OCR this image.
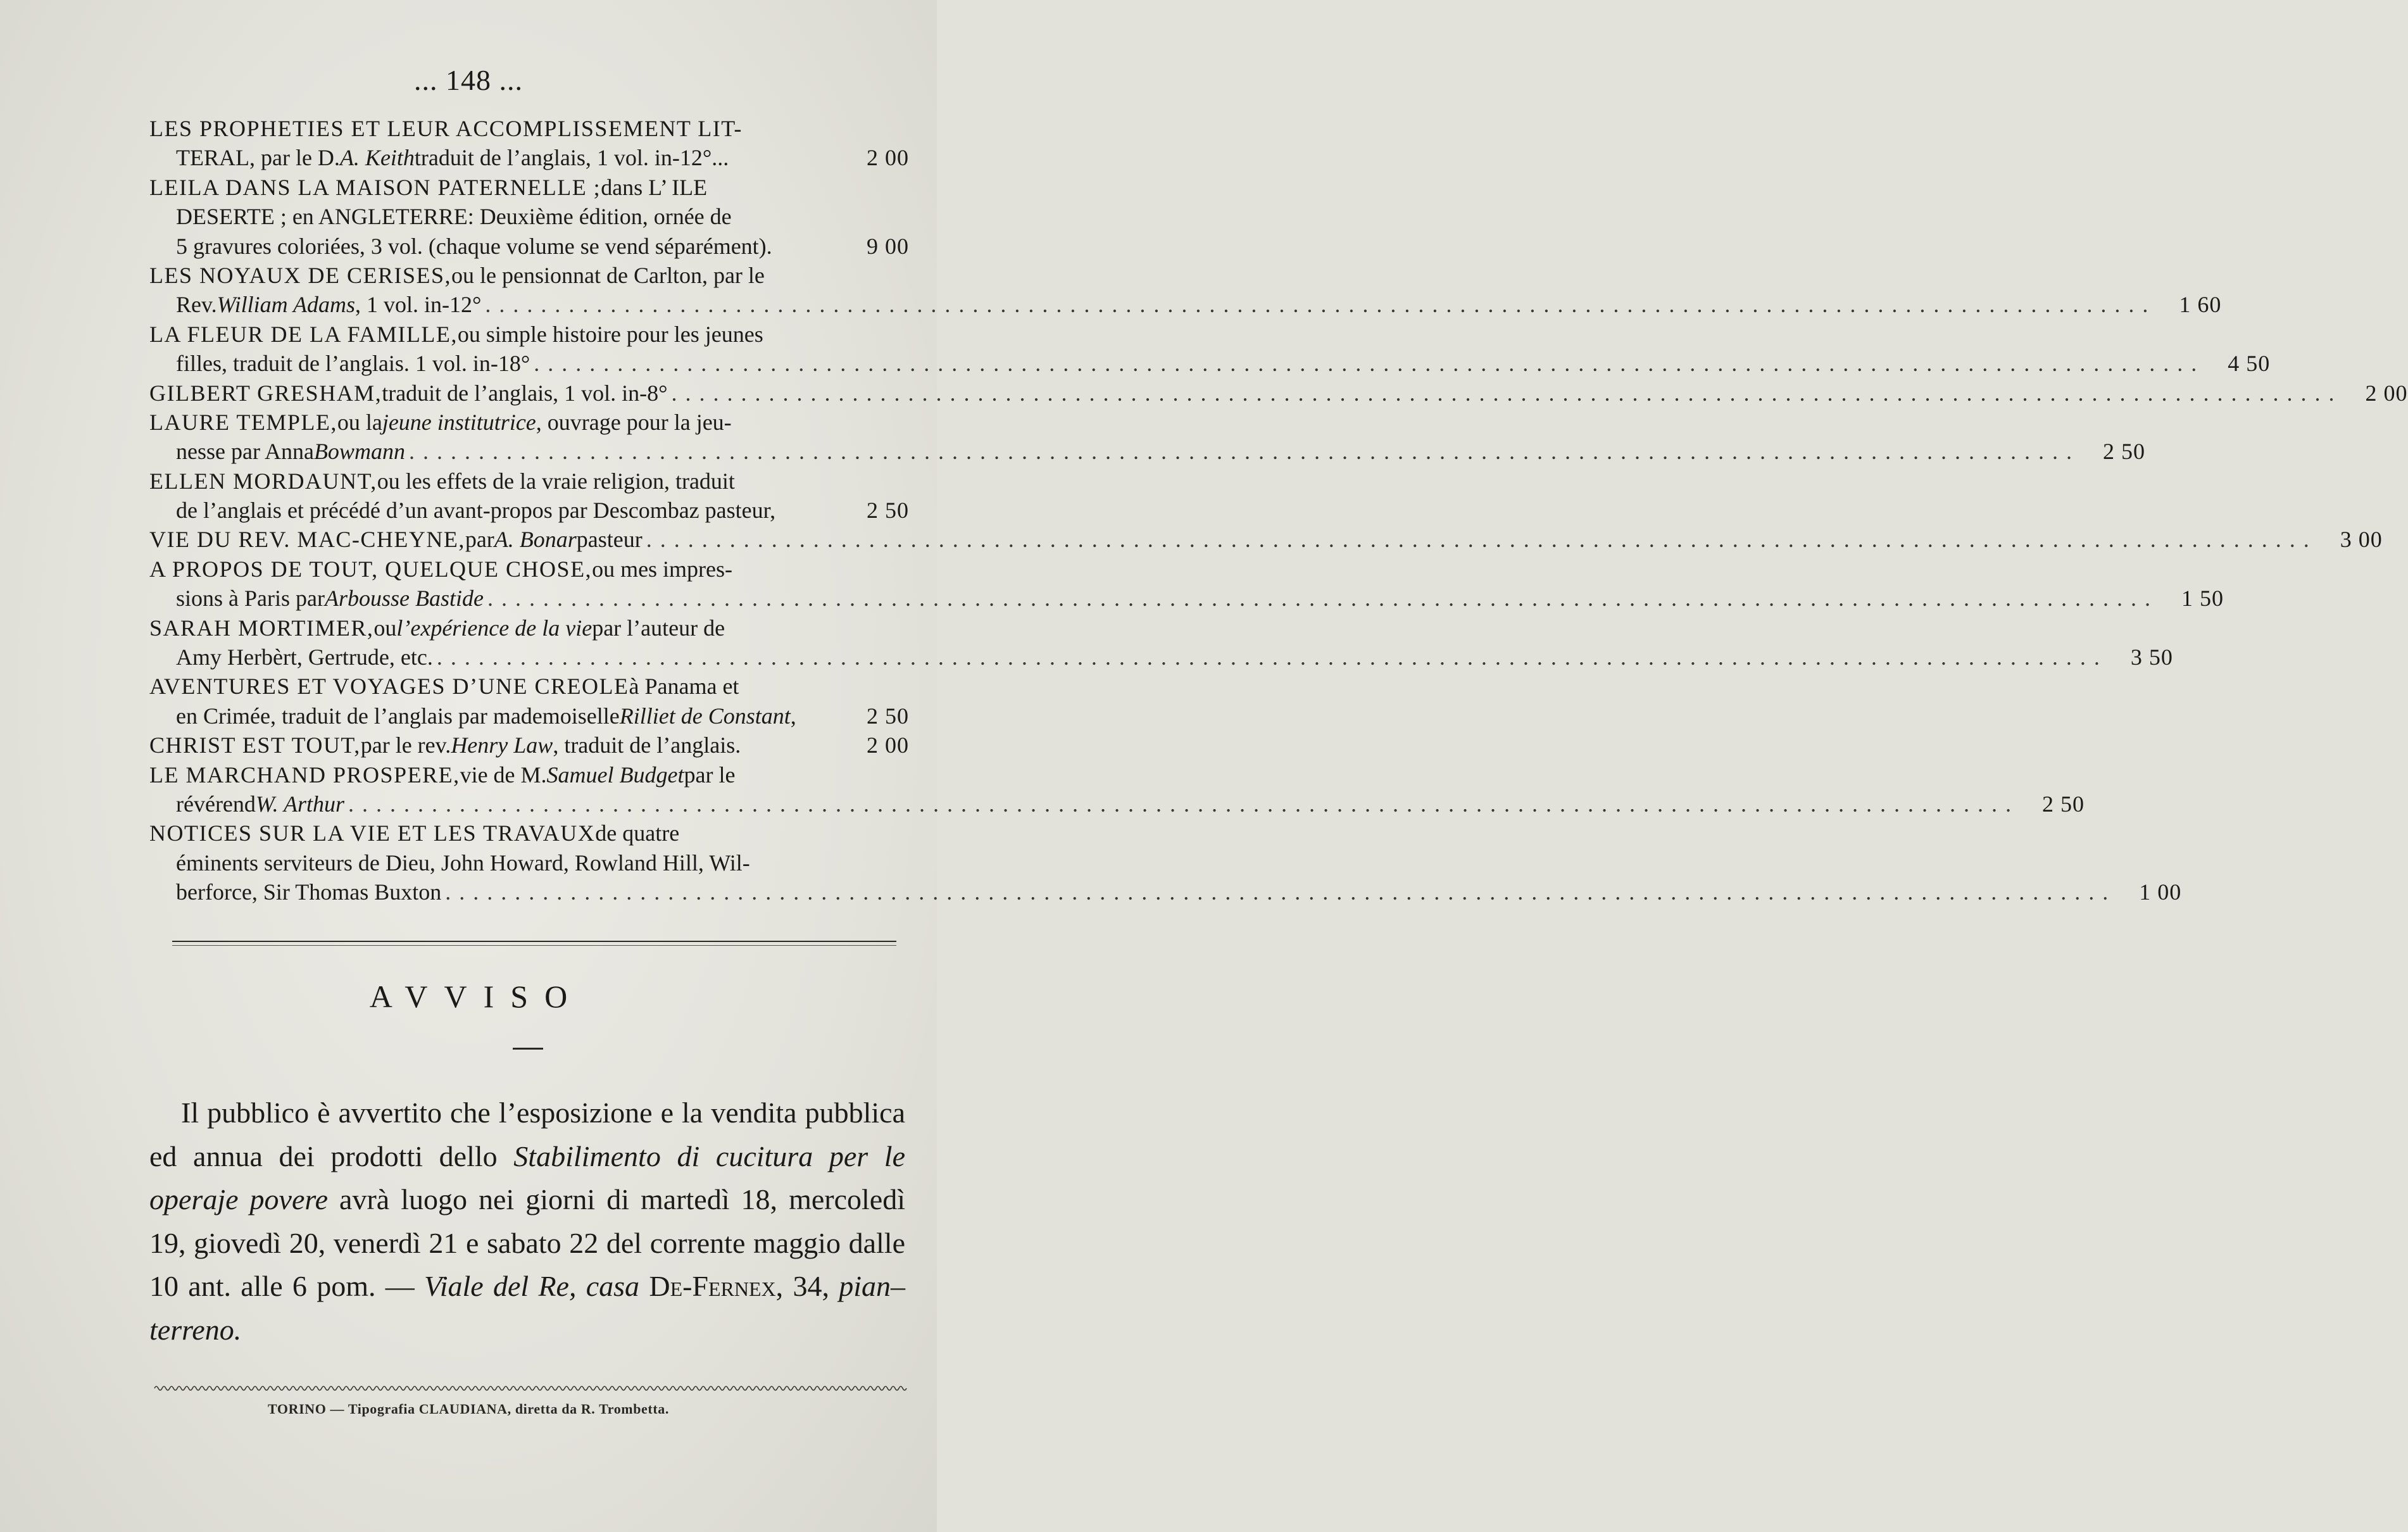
... 148 ...
LES PROPHETIES ET LEUR ACCOMPLISSEMENT LIT-
TERAL, par le D. A. Keith traduit de l’anglais, 1 vol. in-12°...	2 00
LEILA DANS LA MAISON PATERNELLE ; dans L’ ILE
DESERTE ; en ANGLETERRE: Deuxième édition, ornée de
5 gravures coloriées, 3 vol. (chaque volume se vend séparément).	9 00
LES NOYAUX DE CERISES, ou le pensionnat de Carlton, par le
Rev. William Adams , 1 vol. in-12° . . . . . . . . . . . . . . . . . . . . . . . . . . . . . . . . . . . . . . . . . . . . . . . . . . . . . . . . . . . . . . . . . . . . . . . . . . . . . . . . . . . . . . . . . . . . . . . . . . . . . . . . . . . . . . . . . . . . . . . .	1 60
LA FLEUR DE LA FAMILLE, ou simple histoire pour les jeunes
filles, traduit de l’anglais. 1 vol. in-18° . . . . . . . . . . . . . . . . . . . . . . . . . . . . . . . . . . . . . . . . . . . . . . . . . . . . . . . . . . . . . . . . . . . . . . . . . . . . . . . . . . . . . . . . . . . . . . . . . . . . . . . . . . . . . . . . . . . . . . . .	4 50
GILBERT GRESHAM, traduit de l’anglais, 1 vol. in-8° . . . . . . . . . . . . . . . . . . . . . . . . . . . . . . . . . . . . . . . . . . . . . . . . . . . . . . . . . . . . . . . . . . . . . . . . . . . . . . . . . . . . . . . . . . . . . . . . . . . . . . . . . . . . . . . . . . . . . . . .	2 00
LAURE TEMPLE, ou la jeune institutrice , ouvrage pour la jeu-
nesse par Anna Bowmann . . . . . . . . . . . . . . . . . . . . . . . . . . . . . . . . . . . . . . . . . . . . . . . . . . . . . . . . . . . . . . . . . . . . . . . . . . . . . . . . . . . . . . . . . . . . . . . . . . . . . . . . . . . . . . . . . . . . . . . .	2 50
ELLEN MORDAUNT, ou les effets de la vraie religion, traduit
de l’anglais et précédé d’un avant-propos par Descombaz pasteur,	2 50
VIE DU REV. MAC-CHEYNE, par A. Bonar pasteur . . . . . . . . . . . . . . . . . . . . . . . . . . . . . . . . . . . . . . . . . . . . . . . . . . . . . . . . . . . . . . . . . . . . . . . . . . . . . . . . . . . . . . . . . . . . . . . . . . . . . . . . . . . . . . . . . . . . . . . .	3 00
A PROPOS DE TOUT, QUELQUE CHOSE, ou mes impres-
sions à Paris par Arbousse Bastide . . . . . . . . . . . . . . . . . . . . . . . . . . . . . . . . . . . . . . . . . . . . . . . . . . . . . . . . . . . . . . . . . . . . . . . . . . . . . . . . . . . . . . . . . . . . . . . . . . . . . . . . . . . . . . . . . . . . . . . .	1 50
SARAH MORTIMER, ou l’expérience de la vie par l’auteur de
Amy Herbèrt, Gertrude, etc. . . . . . . . . . . . . . . . . . . . . . . . . . . . . . . . . . . . . . . . . . . . . . . . . . . . . . . . . . . . . . . . . . . . . . . . . . . . . . . . . . . . . . . . . . . . . . . . . . . . . . . . . . . . . . . . . . . . . . . . .	3 50
AVENTURES ET VOYAGES D’UNE CREOLE à Panama et
en Crimée, traduit de l’anglais par mademoiselle Rilliet de Constant ,	2 50
CHRIST EST TOUT, par le rev. Henry Law , traduit de l’anglais.	2 00
LE MARCHAND PROSPERE, vie de M. Samuel Budget par le
révérend W. Arthur . . . . . . . . . . . . . . . . . . . . . . . . . . . . . . . . . . . . . . . . . . . . . . . . . . . . . . . . . . . . . . . . . . . . . . . . . . . . . . . . . . . . . . . . . . . . . . . . . . . . . . . . . . . . . . . . . . . . . . . .	2 50
NOTICES SUR LA VIE ET LES TRAVAUX de quatre
éminents serviteurs de Dieu, John Howard, Rowland Hill, Wil-
berforce, Sir Thomas Buxton . . . . . . . . . . . . . . . . . . . . . . . . . . . . . . . . . . . . . . . . . . . . . . . . . . . . . . . . . . . . . . . . . . . . . . . . . . . . . . . . . . . . . . . . . . . . . . . . . . . . . . . . . . . . . . . . . . . . . . . .	1 00
AVVISO

Il pubblico è avvertito che l’esposizione e la vendita pubblica ed annua dei prodotti dello Stabilimento di cucitura per le operaje povere avrà luogo nei giorni di martedì 18, mercoledì 19, giovedì 20, venerdì 21 e sabato 22 del corrente maggio dalle 10 ant. alle 6 pom. — Viale del Re, casa De-Fernex, 34, pian–terreno.

TORINO — Tipografia CLAUDIANA, diretta da R. Trombetta.
